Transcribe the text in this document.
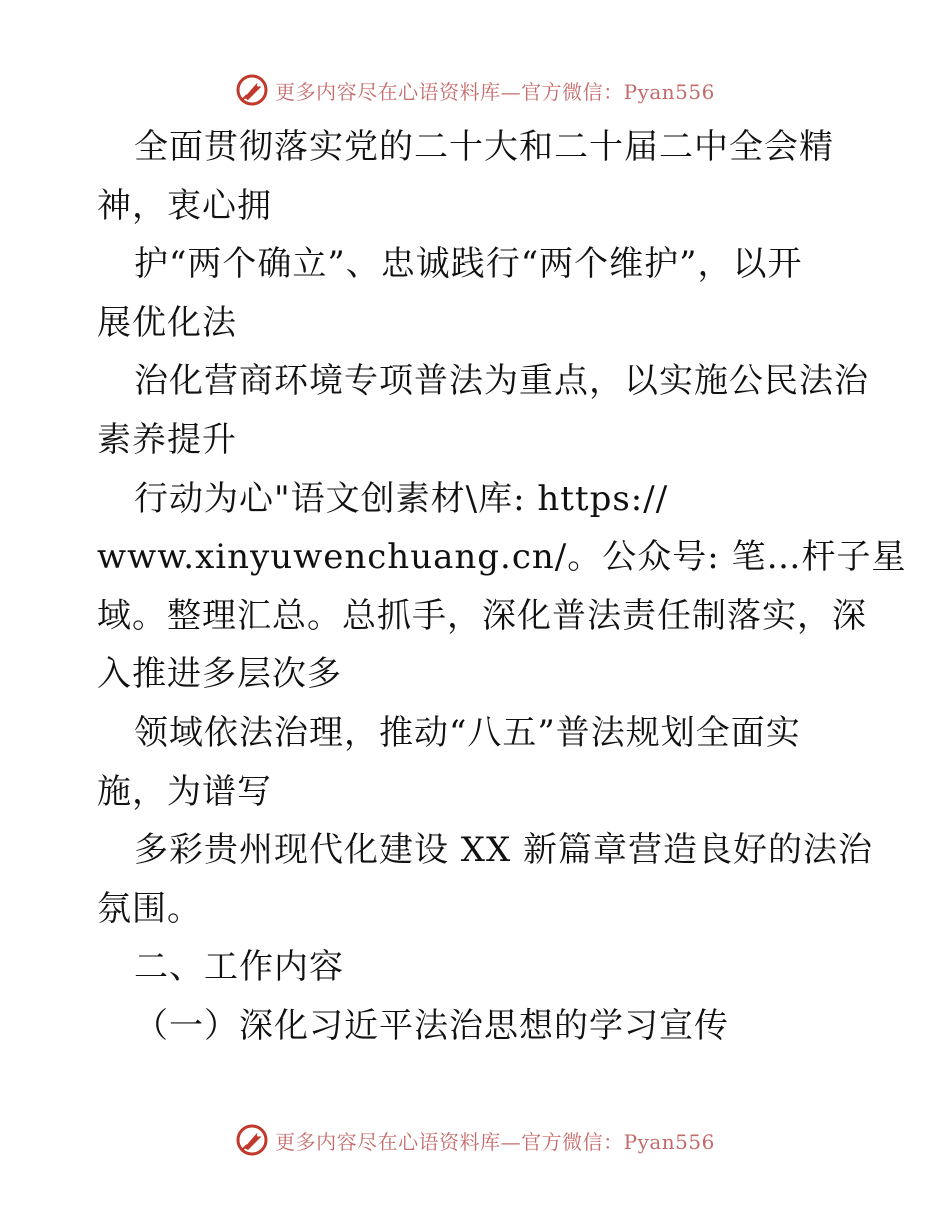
更多内容尽在心语资料库—官方微信：Pyan556
全面贯彻落实党的二十大和二十届二中全会精
神，衷心拥
护“两个确立”、忠诚践行“两个维护”，以开
展优化法
治化营商环境专项普法为重点，以实施公民法治
素养提升
行动为心"语文创素材\库: https://
www.xinyuwenchuang.cn/。公众号: 笔…杆子星
域。整理汇总。总抓手，深化普法责任制落实，深
入推进多层次多
领域依法治理，推动“八五”普法规划全面实
施，为谱写
多彩贵州现代化建设 XX 新篇章营造良好的法治
氛围。
二、工作内容
（一）深化习近平法治思想的学习宣传
更多内容尽在心语资料库—官方微信：Pyan556
